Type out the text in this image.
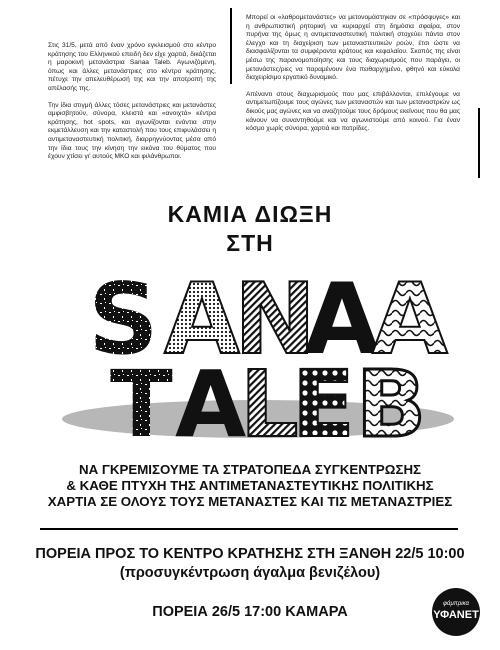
Στις 31/5, μετά από έναν χρόνο εγκλεισμού στο κέντρο κράτησης του Ελληνικού επειδή δεν είχε χαρτιά, δικάζεται η μαροκινή μετανάστρια Sanaa Taleb. Αγωνιζόμενη, όπως και άλλες μετανάστριες στο κέντρο κράτησης, πέτυχε την απελευθέρωσή της και την αποτροπή της απέλασής της.

Την ίδια στιγμή άλλες τόσες μετανάστριες και μετανάστες αμφισβητούν, σύνορα, κλειστά και «ανοιχτά» κέντρα κράτησης, hot spots, και αγωνίζονται ενάντια στην εκμετάλλευση και την καταστολή που τους επιφυλάσσει η αντιμεταναστευτική πολιτική, διαρρηγνύοντας μέσα από την ίδια τους την κίνηση την εικόνα του θύματος που έχουν χτίσει γι' αυτούς ΜΚΟ και φιλάνθρωποι.

Μπορεί οι «λαθρομετανάστες» να μετονομάστηκαν σε «πρόσφυγες» και η ανθρωπιστική ρητορική να κυριαρχεί στη δημόσια σφαίρα, στον πυρήνα της όμως η αντιμεταναστευτική πολιτική στοχεύει πάντα στον έλεγχο και τη διαχείριση των μεταναστευτικών ροών, έτσι ώστε να διασφαλίζονται τα συμφέροντα κράτους και κεφαλαίου. Σκοπός της είναι μέσω της παρανομοποίησης και τους διαχωρισμούς που παράγει, οι μετανάστες/ριες να παραμένουν ένα πειθαρχημένο, φθηνό και εύκολα διαχειρίσιμο εργατικό δυναμικό.

Απέναντι στους διαχωρισμούς που μας επιβάλλονται, επιλέγουμε να αντιμετωπίζουμε τους αγώνες των μεταναστών και των μεταναστριών ως δικούς μας αγώνες και να αναζητούμε τους δρόμους εκείνους που θα μας κάνουν να συναντηθούμε και να αγωνιστούμε από κοινού. Για έναν κόσμο χωρίς σύνορα, χαρτιά και πατρίδες.

ΚΑΜΙΑ ΔΙΩΞΗ
ΣΤΗ
S A
N
A
A
T A
L
E B
ΝΑ ΓΚΡΕΜΙΣΟΥΜΕ ΤΑ ΣΤΡΑΤΟΠΕΔΑ ΣΥΓΚΕΝΤΡΩΣΗΣ
& ΚΑΘΕ ΠΤΥΧΗ ΤΗΣ ΑΝΤΙΜΕΤΑΝΑΣΤΕΥΤΙΚΗΣ ΠΟΛΙΤΙΚΗΣ
ΧΑΡΤΙΑ ΣΕ ΟΛΟΥΣ ΤΟΥΣ ΜΕΤΑΝΑΣΤΕΣ ΚΑΙ ΤΙΣ ΜΕΤΑΝΑΣΤΡΙΕΣ
ΠΟΡΕΙΑ ΠΡΟΣ ΤΟ ΚΕΝΤΡΟ ΚΡΑΤΗΣΗΣ ΣΤΗ ΞΑΝΘΗ 22/5 10:00
(προσυγκέντρωση άγαλμα βενιζέλου)
ΠΟΡΕΙΑ 26/5 17:00 ΚΑΜΑΡΑ	φάμπρικα
ΥΦΑΝΕΤ
